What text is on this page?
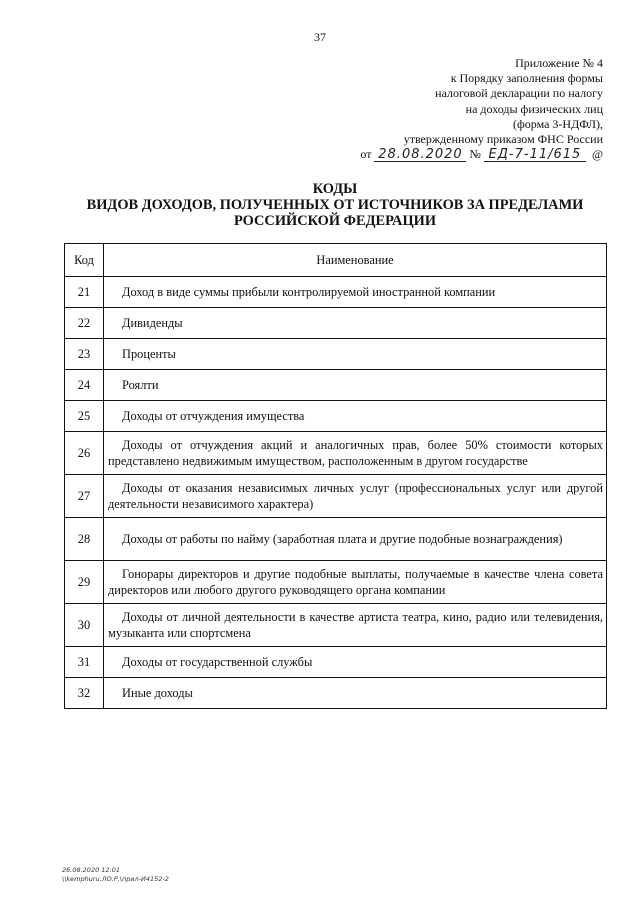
37
Приложение № 4
к Порядку заполнения формы
налоговой декларации по налогу
на доходы физических лиц
(форма 3-НДФЛ),
утвержденному приказом ФНС России
от 28.08.2020 № ЕД-7-11/615 @
КОДЫ
ВИДОВ ДОХОДОВ, ПОЛУЧЕННЫХ ОТ ИСТОЧНИКОВ ЗА ПРЕДЕЛАМИ
РОССИЙСКОЙ ФЕДЕРАЦИИ
Код	Наименование
21	Доход в виде суммы прибыли контролируемой иностранной компании
22	Дивиденды
23	Проценты
24	Роялти
25	Доходы от отчуждения имущества
26	Доходы от отчуждения акций и аналогичных прав, более 50% стоимости которых представлено недвижимым имуществом, расположенным в другом государстве
27	Доходы от оказания независимых личных услуг (профессиональных услуг или другой деятельности независимого характера)
28	Доходы от работы по найму (заработная плата и другие подобные вознаграждения)
29	Гонорары директоров и другие подобные выплаты, получаемые в качестве члена совета директоров или любого другого руководящего органа компании
30	Доходы от личной деятельности в качестве артиста театра, кино, радио или телевидения, музыканта или спортсмена
31	Доходы от государственной службы
32	Иные доходы
26.08.2020 12:01
\\kemphuru.ЛО.Р.\прил-И4152-2
